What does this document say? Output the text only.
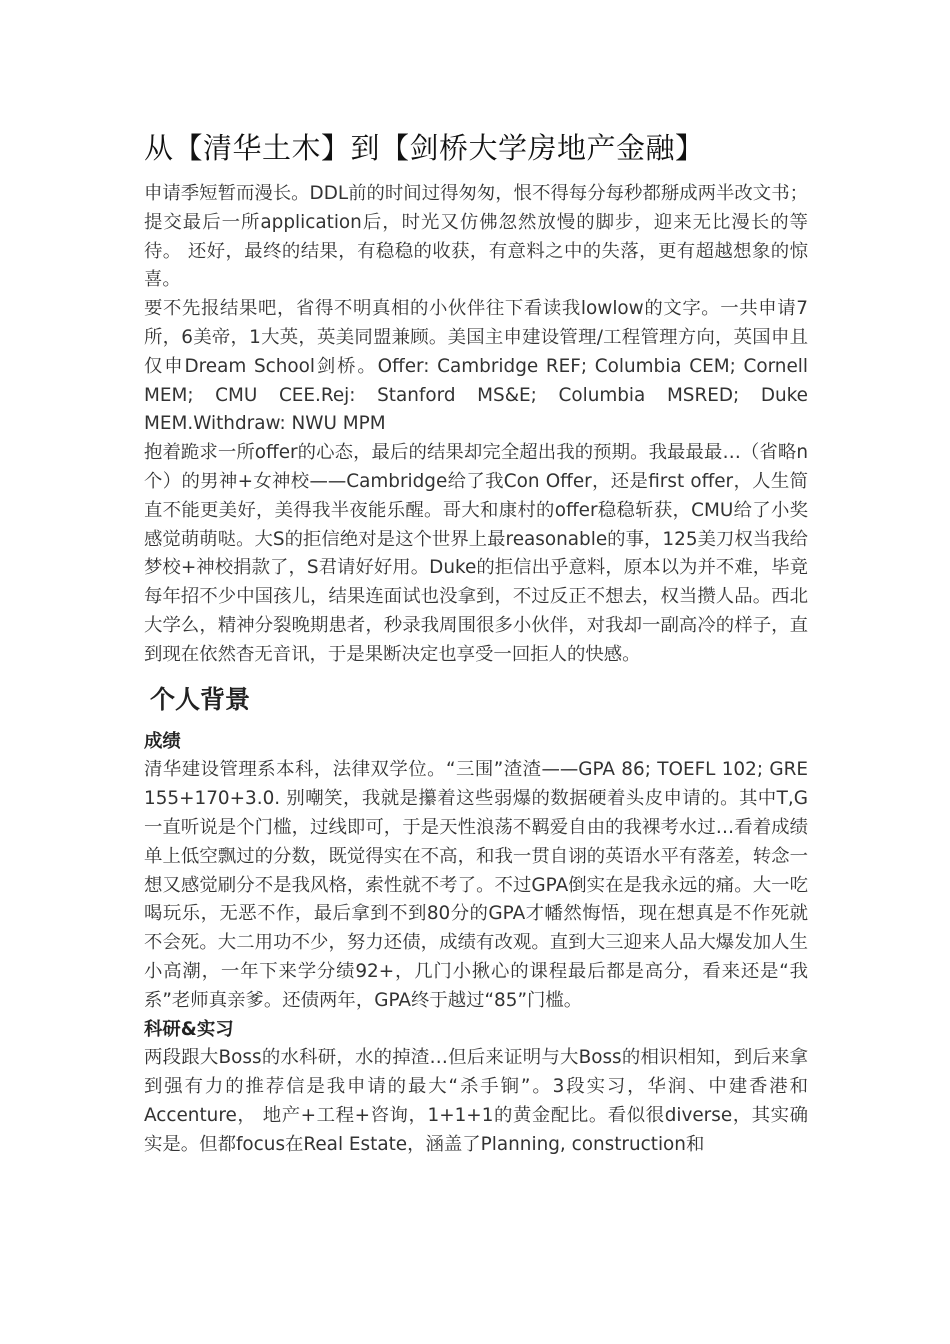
从【清华土木】到【剑桥大学房地产金融】

申请季短暂而漫长。DDL前的时间过得匆匆，恨不得每分每秒都掰成两半改文书；提交最后一所application后，时光又仿佛忽然放慢的脚步，迎来无比漫长的等待。 还好，最终的结果，有稳稳的收获，有意料之中的失落，更有超越想象的惊喜。

要不先报结果吧，省得不明真相的小伙伴往下看读我lowlow的文字。一共申请7所，6美帝，1大英，英美同盟兼顾。美国主申建设管理/工程管理方向，英国申且仅申Dream School剑桥。Offer: Cambridge REF; Columbia CEM; Cornell MEM; CMU CEE.Rej: Stanford MS&E; Columbia MSRED; Duke MEM.Withdraw: NWU MPM

抱着跪求一所offer的心态，最后的结果却完全超出我的预期。我最最最…（省略n个）的男神+女神校——Cambridge给了我Con Offer，还是first offer，人生简直不能更美好，美得我半夜能乐醒。哥大和康村的offer稳稳斩获，CMU给了小奖感觉萌萌哒。大S的拒信绝对是这个世界上最reasonable的事，125美刀权当我给梦校+神校捐款了，S君请好好用。Duke的拒信出乎意料，原本以为并不难，毕竟每年招不少中国孩儿，结果连面试也没拿到，不过反正不想去，权当攒人品。西北大学么，精神分裂晚期患者，秒录我周围很多小伙伴，对我却一副高冷的样子，直到现在依然杳无音讯，于是果断决定也享受一回拒人的快感。

个人背景
成绩

清华建设管理系本科，法律双学位。“三围”渣渣——GPA 86; TOEFL 102; GRE 155+170+3.0. 别嘲笑，我就是攥着这些弱爆的数据硬着头皮申请的。其中T,G一直听说是个门槛，过线即可，于是天性浪荡不羁爱自由的我裸考水过…看着成绩单上低空飘过的分数，既觉得实在不高，和我一贯自诩的英语水平有落差，转念一想又感觉刷分不是我风格，索性就不考了。不过GPA倒实在是我永远的痛。大一吃喝玩乐，无恶不作，最后拿到不到80分的GPA才幡然悔悟，现在想真是不作死就不会死。大二用功不少，努力还债，成绩有改观。直到大三迎来人品大爆发加人生小高潮，一年下来学分绩92+，几门小揪心的课程最后都是高分，看来还是“我系”老师真亲爹。还债两年，GPA终于越过“85”门槛。

科研&实习

两段跟大Boss的水科研，水的掉渣…但后来证明与大Boss的相识相知，到后来拿到强有力的推荐信是我申请的最大“杀手锏”。3段实习，华润、中建香港和Accenture， 地产+工程+咨询，1+1+1的黄金配比。看似很diverse，其实确实是。但都focus在Real Estate，涵盖了Planning, construction和
